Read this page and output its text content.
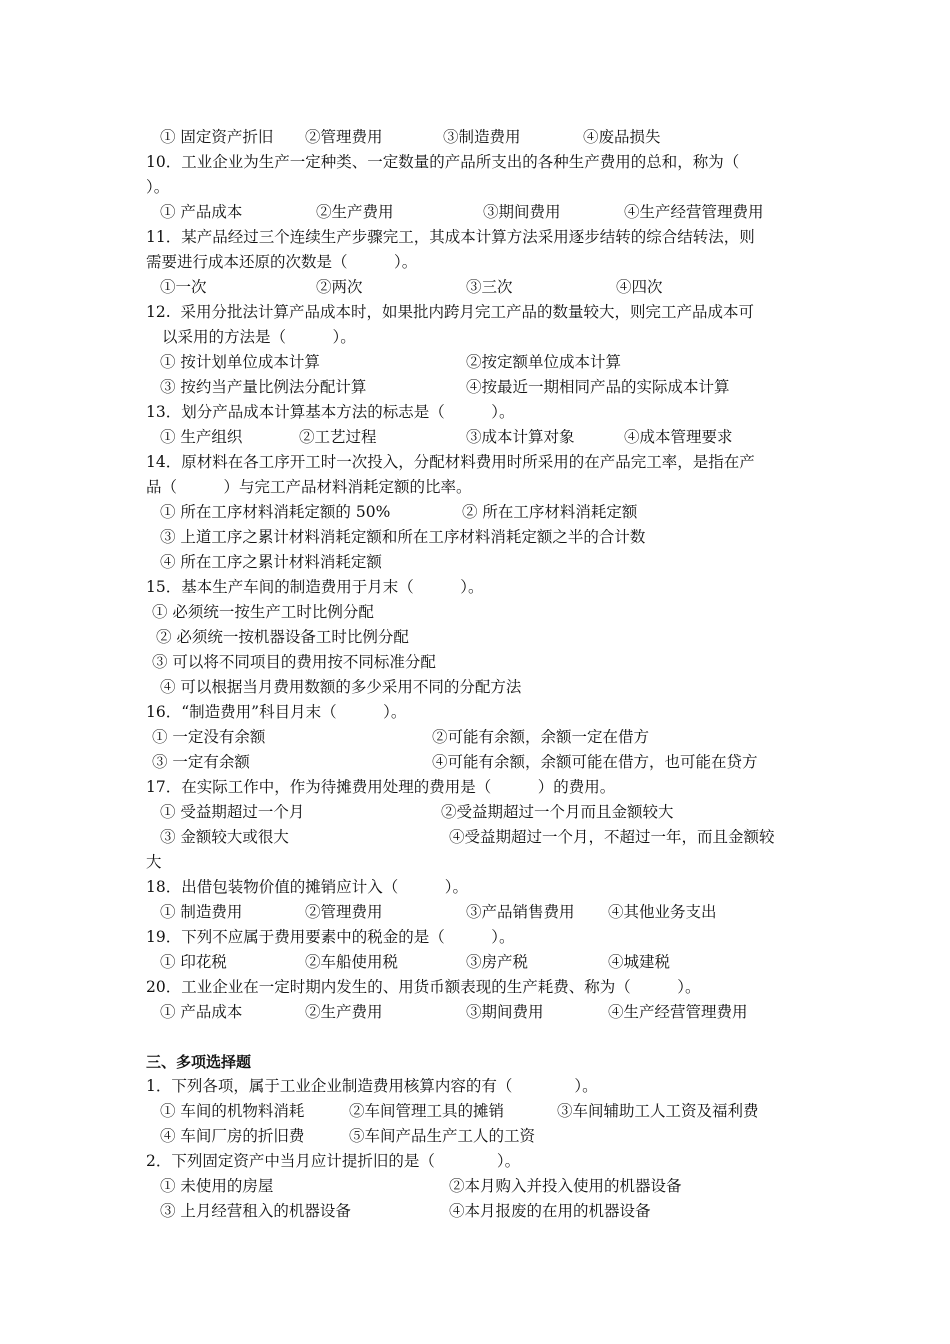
① 固定资产折旧

②管理费用

	③制造费用

	④废品损失

10．工业企业为生产一定种类、一定数量的产品所支出的各种生产费用的总和，称为（

）。

① 产品成本

	②生产费用

	③期间费用

	④生产经营管理费用

11．某产品经过三个连续生产步骤完工，其成本计算方法采用逐步结转的综合结转法，则

需要进行成本还原的次数是（　　　）。

①一次

	②两次

	③三次

	④四次

12.  采用分批法计算产品成本时，如果批内跨月完工产品的数量较大，则完工产品成本可

以采用的方法是（　　　）。

① 按计划单位成本计算

	②按定额单位成本计算

③ 按约当产量比例法分配计算

	④按最近一期相同产品的实际成本计算

13．划分产品成本计算基本方法的标志是（　　　）。

① 生产组织

	②工艺过程

	③成本计算对象

	④成本管理要求

14．原材料在各工序开工时一次投入，分配材料费用时所采用的在产品完工率，是指在产

品（　　　）与完工产品材料消耗定额的比率。

① 所在工序材料消耗定额的 50%

	② 所在工序材料消耗定额

③ 上道工序之累计材料消耗定额和所在工序材料消耗定额之半的合计数

④ 所在工序之累计材料消耗定额

15．基本生产车间的制造费用于月末（　　　）。

① 必须统一按生产工时比例分配

② 必须统一按机器设备工时比例分配

③ 可以将不同项目的费用按不同标准分配

④ 可以根据当月费用数额的多少采用不同的分配方法

16．“制造费用”科目月末（　　　）。

① 一定没有余额

	②可能有余额，余额一定在借方

③ 一定有余额

	④可能有余额，余额可能在借方，也可能在贷方

17．在实际工作中，作为待摊费用处理的费用是（　　　）的费用。

① 受益期超过一个月

	②受益期超过一个月而且金额较大

③ 金额较大或很大

	④受益期超过一个月，不超过一年，而且金额较

大

18．出借包装物价值的摊销应计入（　　　）。

① 制造费用

	②管理费用

	③产品销售费用

④其他业务支出

19．下列不应属于费用要素中的税金的是（　　　）。

① 印花税

	②车船使用税

	③房产税

	④城建税

20．工业企业在一定时期内发生的、用货币额表现的生产耗费、称为（　　　）。

① 产品成本

	②生产费用

	③期间费用

	④生产经营管理费用

三、多项选择题

1．下列各项，属于工业企业制造费用核算内容的有（　　　　）。

① 车间的机物料消耗

	②车间管理工具的摊销

	③车间辅助工人工资及福利费

④ 车间厂房的折旧费

	⑤车间产品生产工人的工资

2．下列固定资产中当月应计提折旧的是（　　　　）。

① 未使用的房屋

	②本月购入并投入使用的机器设备

③ 上月经营租入的机器设备

	④本月报废的在用的机器设备
